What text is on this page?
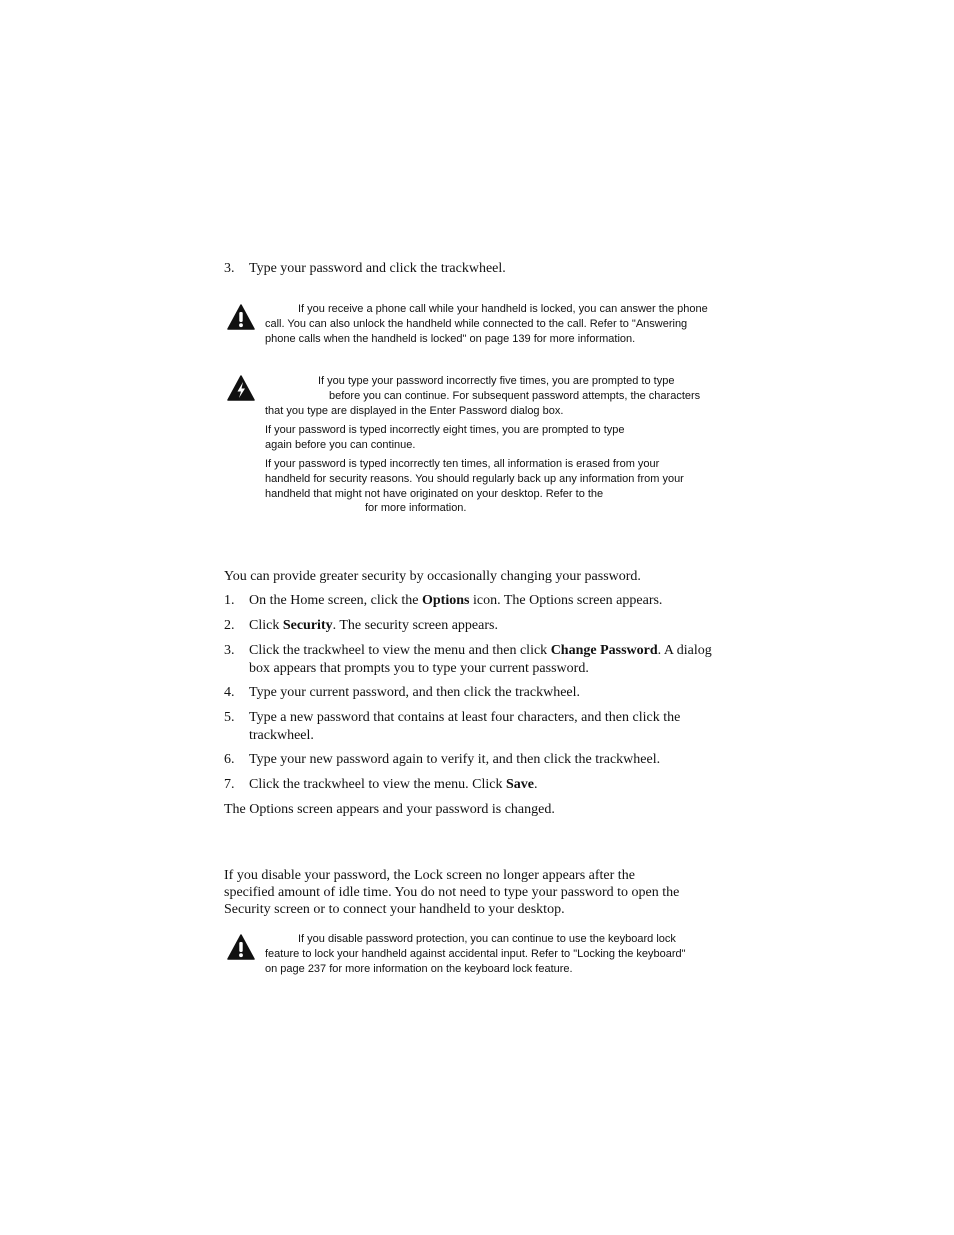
3. Type your password and click the trackwheel.
If you receive a phone call while your handheld is locked, you can answer the phone
call. You can also unlock the handheld while connected to the call. Refer to "Answering
phone calls when the handheld is locked" on page 139 for more information.
If you type your password incorrectly five times, you are prompted to type
before you can continue. For subsequent password attempts, the characters
that you type are displayed in the Enter Password dialog box.
If your password is typed incorrectly eight times, you are prompted to type
again before you can continue.
If your password is typed incorrectly ten times, all information is erased from your
handheld for security reasons. You should regularly back up any information from your
handheld that might not have originated on your desktop. Refer to the
for more information.
You can provide greater security by occasionally changing your password.
1. On the Home screen, click the Options icon. The Options screen appears.
2. Click Security. The security screen appears.
3. Click the trackwheel to view the menu and then click Change Password. A dialog box appears that prompts you to type your current password.
4. Type your current password, and then click the trackwheel.
5. Type a new password that contains at least four characters, and then click the trackwheel.
6. Type your new password again to verify it, and then click the trackwheel.
7. Click the trackwheel to view the menu. Click Save.
The Options screen appears and your password is changed.
If you disable your password, the Lock screen no longer appears after the
specified amount of idle time. You do not need to type your password to open the
Security screen or to connect your handheld to your desktop.
If you disable password protection, you can continue to use the keyboard lock
feature to lock your handheld against accidental input. Refer to "Locking the keyboard"
on page 237 for more information on the keyboard lock feature.
